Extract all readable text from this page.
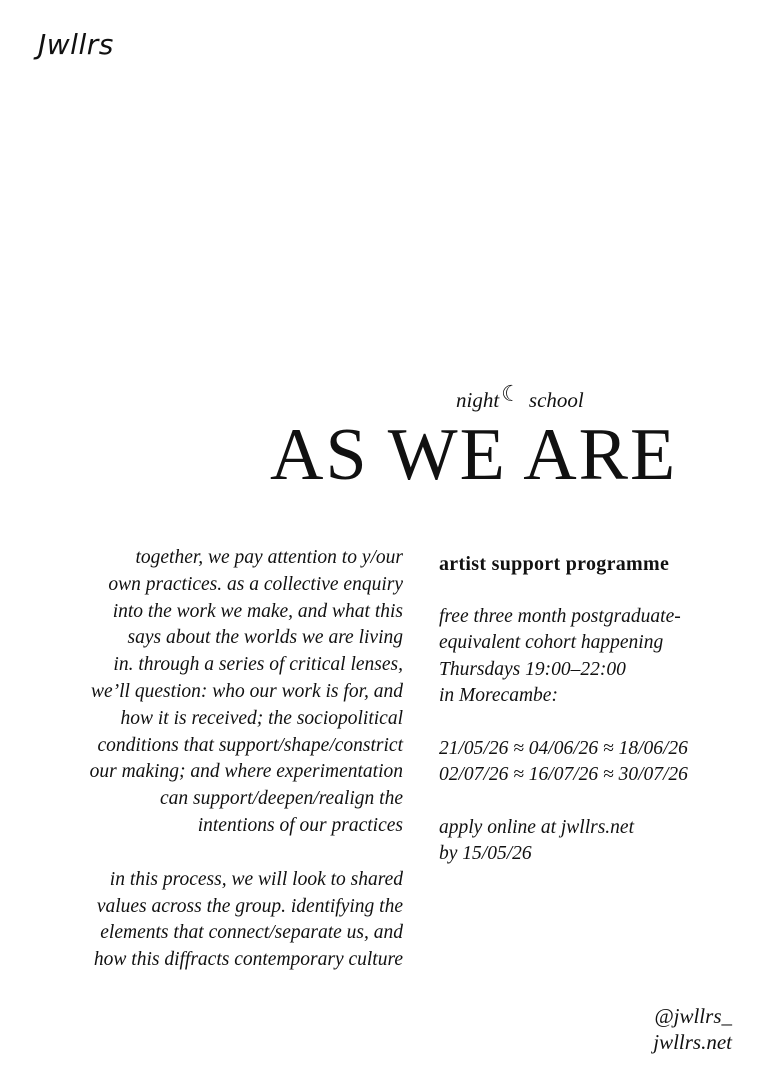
Jwllrs
night☾ school
AS WE ARE
together, we pay attention to y/our
own practices. as a collective enquiry
into the work we make, and what this
says about the worlds we are living
in. through a series of critical lenses,
we’ll question: who our work is for, and
how it is received; the sociopolitical
conditions that support/shape/constrict
our making; and where experimentation
can support/deepen/realign the
intentions of our practices
in this process, we will look to shared
values across the group. identifying the
elements that connect/separate us, and
how this diffracts contemporary culture
artist support programme
free three month postgraduate-
equivalent cohort happening
Thursdays 19:00–22:00
in Morecambe:
21/05/26 ≈ 04/06/26 ≈ 18/06/26
02/07/26 ≈ 16/07/26 ≈ 30/07/26
apply online at jwllrs.net
by 15/05/26
@jwllrs_
jwllrs.net
